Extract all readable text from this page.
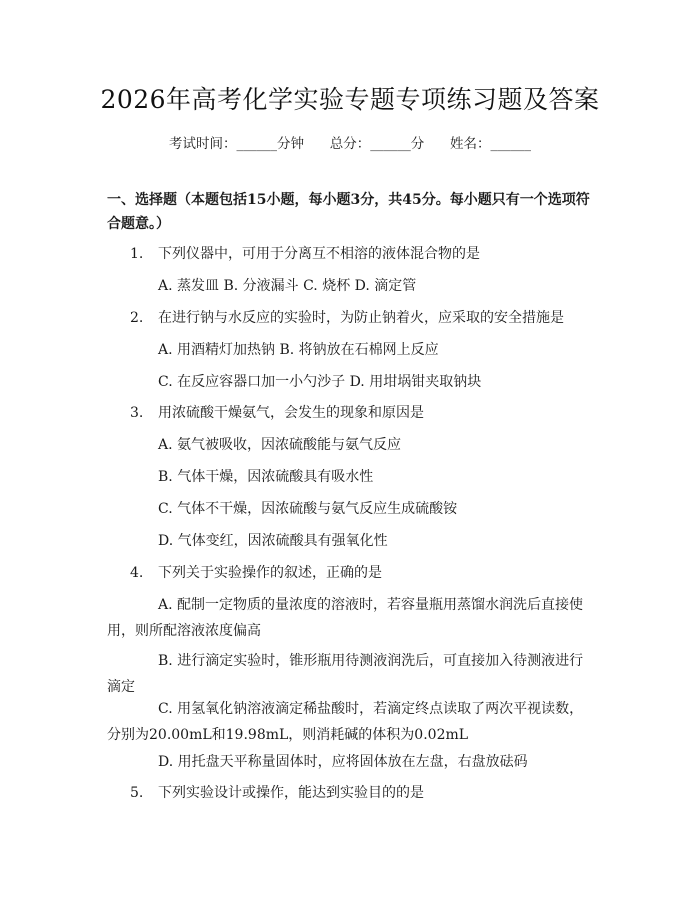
2026年高考化学实验专题专项练习题及答案
考试时间：______分钟      总分：______分      姓名：______
一、选择题（本题包括15小题，每小题3分，共45分。每小题只有一个选项符合题意。）
1. 下列仪器中，可用于分离互不相溶的液体混合物的是
A. 蒸发皿 B. 分液漏斗 C. 烧杯 D. 滴定管
2. 在进行钠与水反应的实验时，为防止钠着火，应采取的安全措施是
A. 用酒精灯加热钠 B. 将钠放在石棉网上反应
C. 在反应容器口加一小勺沙子 D. 用坩埚钳夹取钠块
3. 用浓硫酸干燥氨气，会发生的现象和原因是
A. 氨气被吸收，因浓硫酸能与氨气反应
B. 气体干燥，因浓硫酸具有吸水性
C. 气体不干燥，因浓硫酸与氨气反应生成硫酸铵
D. 气体变红，因浓硫酸具有强氧化性
4. 下列关于实验操作的叙述，正确的是
A. 配制一定物质的量浓度的溶液时，若容量瓶用蒸馏水润洗后直接使用，则所配溶液浓度偏高
B. 进行滴定实验时，锥形瓶用待测液润洗后，可直接加入待测液进行滴定
C. 用氢氧化钠溶液滴定稀盐酸时，若滴定终点读取了两次平视读数，分别为20.00mL和19.98mL，则消耗碱的体积为0.02mL
D. 用托盘天平称量固体时，应将固体放在左盘，右盘放砝码
5. 下列实验设计或操作，能达到实验目的的是
